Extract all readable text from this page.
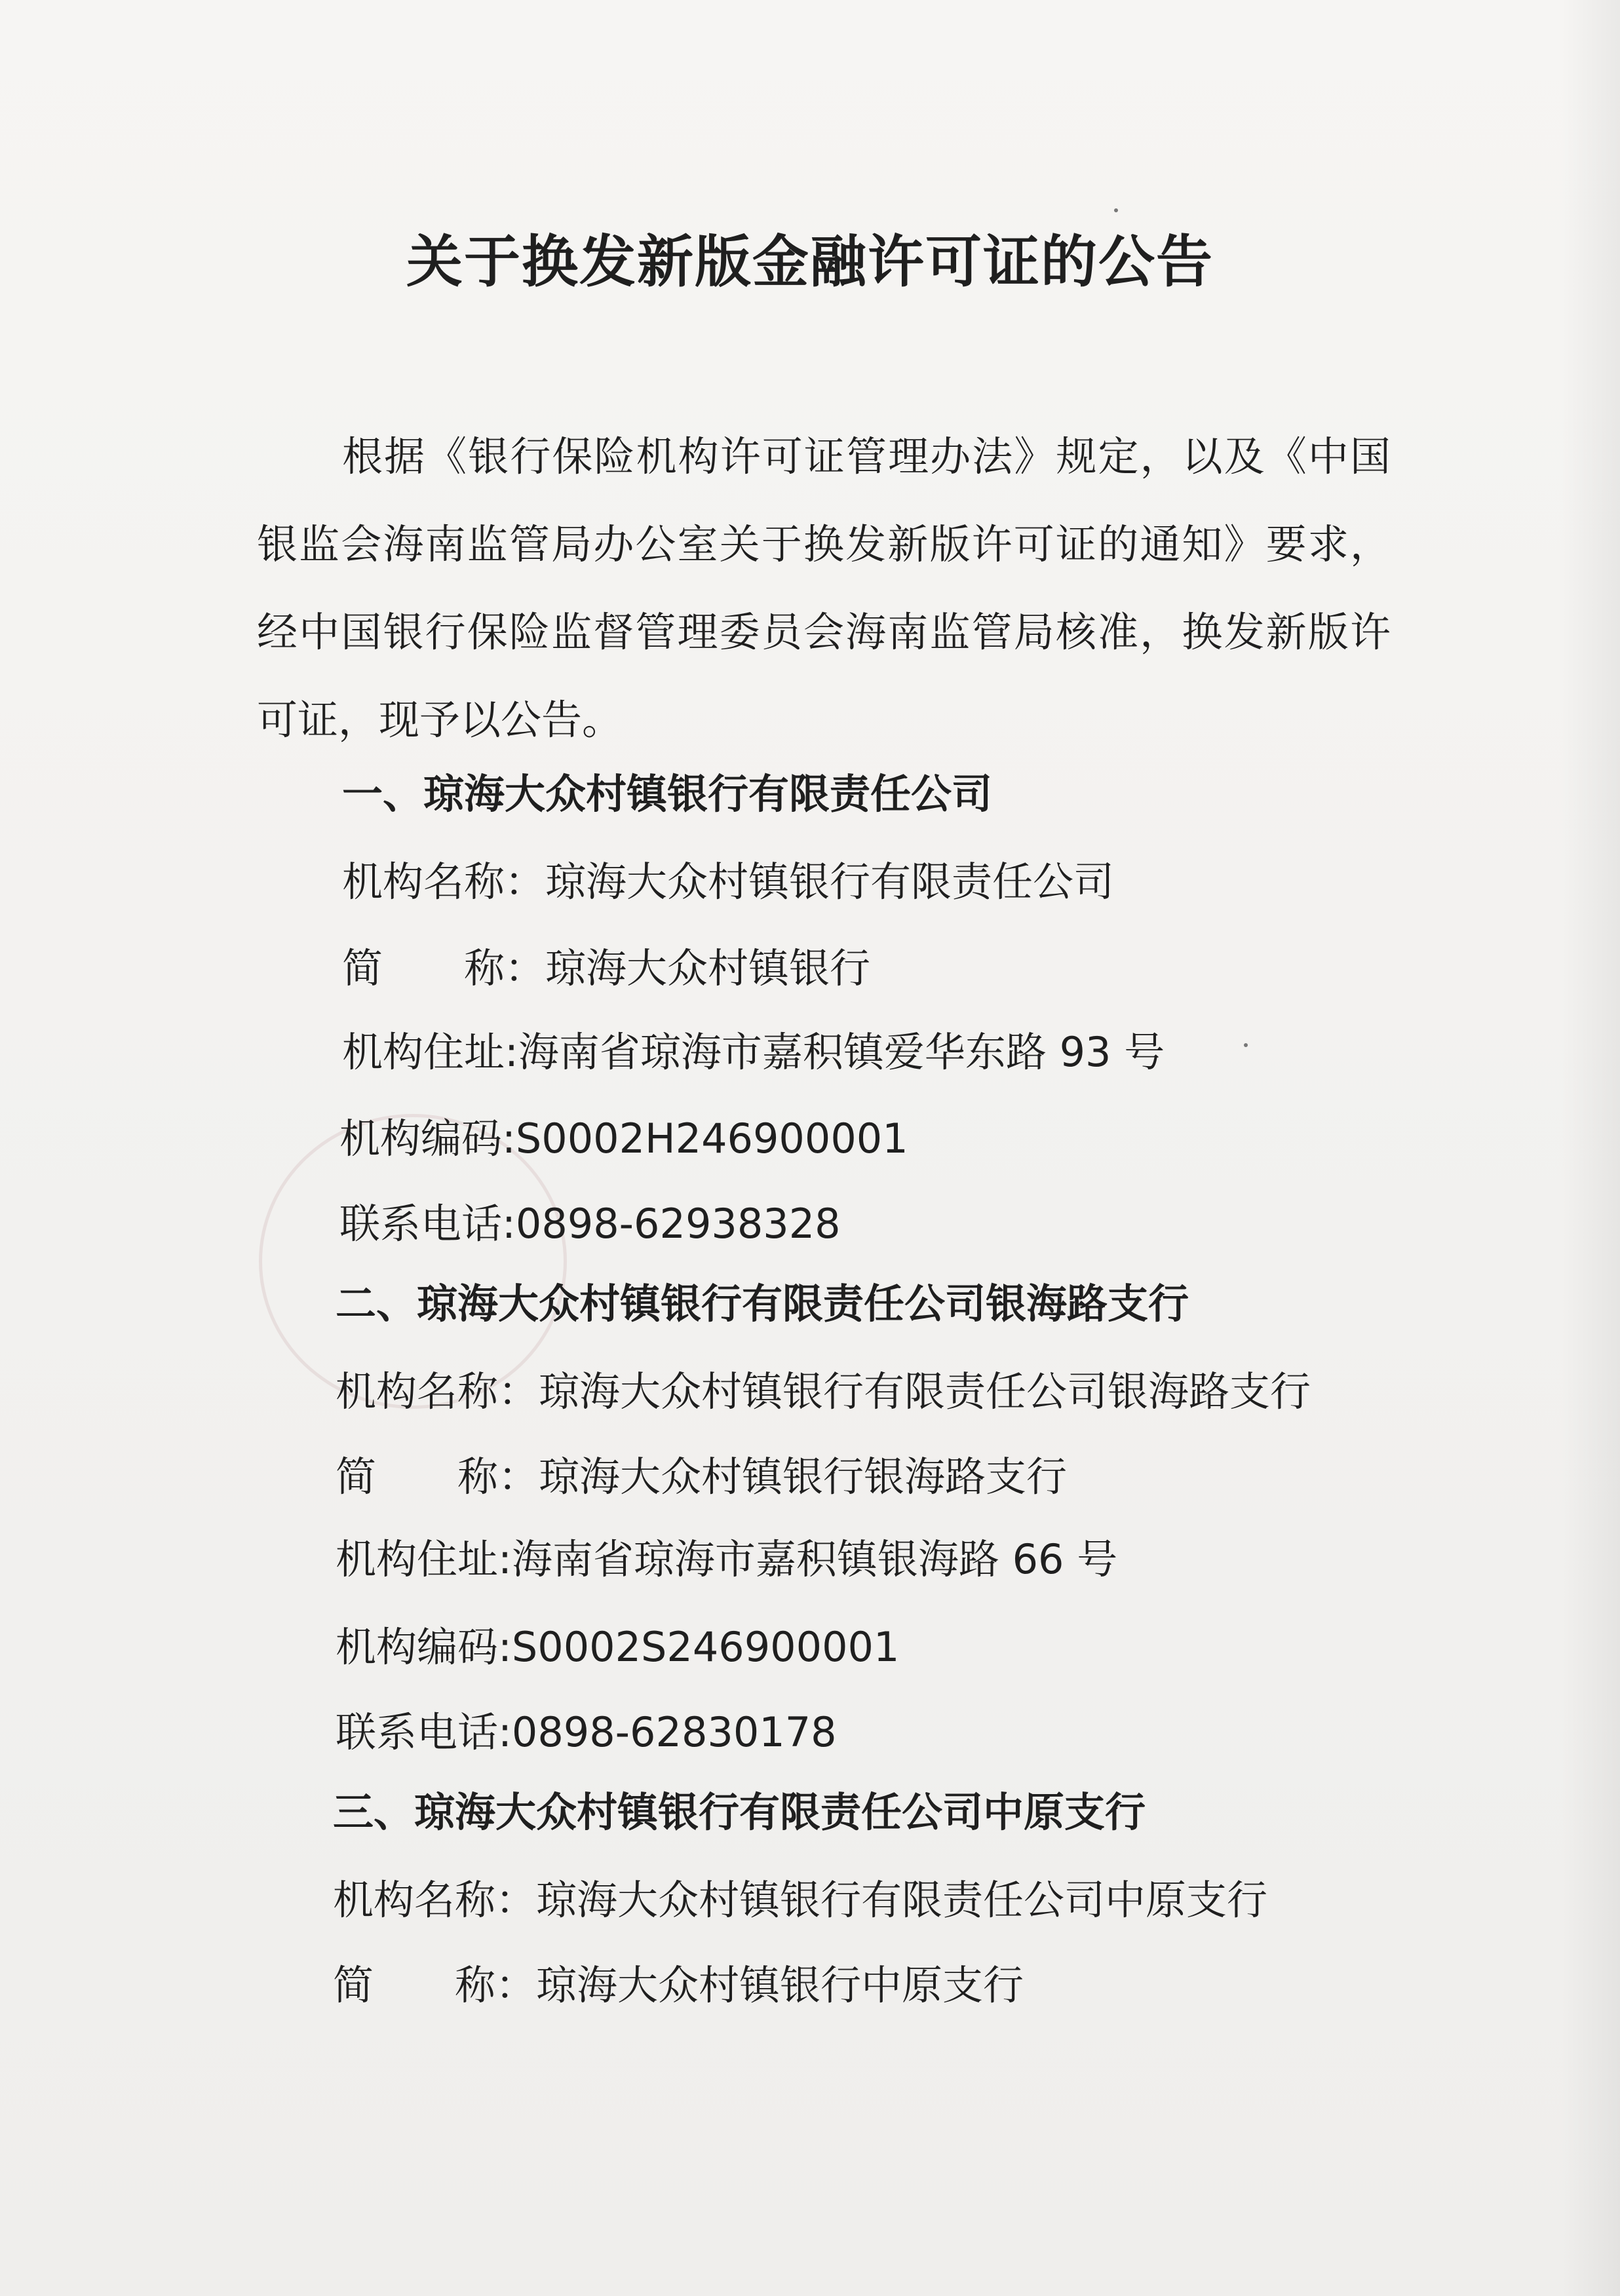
关于换发新版金融许可证的公告
根据《银行保险机构许可证管理办法》规定，以及《中国银监会海南监管局办公室关于换发新版许可证的通知》要求，经中国银行保险监督管理委员会海南监管局核准，换发新版许可证，现予以公告。
一、琼海大众村镇银行有限责任公司
机构名称：琼海大众村镇银行有限责任公司
简　　称：琼海大众村镇银行
机构住址:海南省琼海市嘉积镇爱华东路 93 号
机构编码:S0002H246900001
联系电话:0898-62938328
二、琼海大众村镇银行有限责任公司银海路支行
机构名称：琼海大众村镇银行有限责任公司银海路支行
简　　称：琼海大众村镇银行银海路支行
机构住址:海南省琼海市嘉积镇银海路 66 号
机构编码:S0002S246900001
联系电话:0898-62830178
三、琼海大众村镇银行有限责任公司中原支行
机构名称：琼海大众村镇银行有限责任公司中原支行
简　　称：琼海大众村镇银行中原支行
